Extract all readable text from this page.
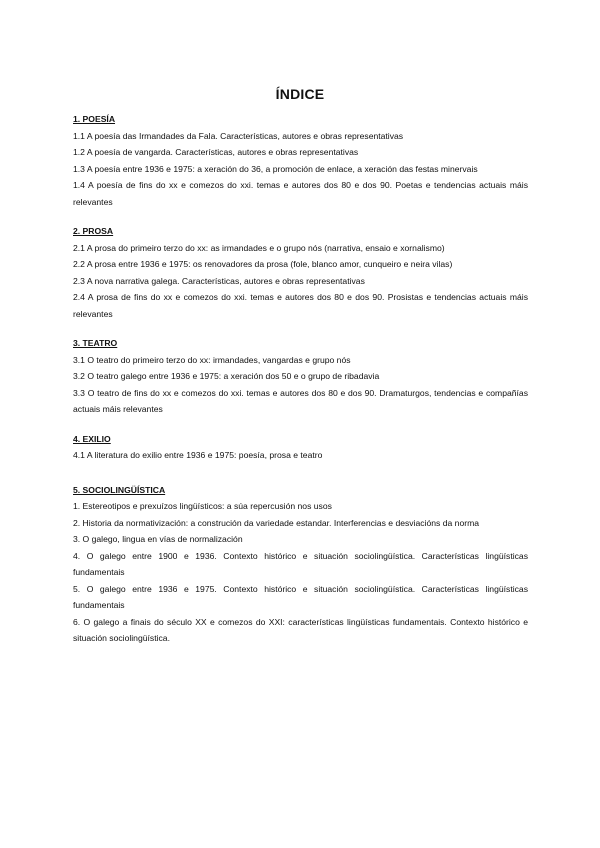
ÍNDICE
1. POESÍA
1.1 A poesía das Irmandades da Fala. Características, autores e obras representativas
1.2 A poesía de vangarda. Características, autores e obras representativas
1.3 A poesía entre 1936 e 1975: a xeración do 36, a promoción de enlace, a xeración das festas minervais
1.4 A poesía de fins do xx e comezos do xxi. temas e autores dos 80 e dos 90. Poetas e tendencias actuais máis relevantes
2. PROSA
2.1 A prosa do primeiro terzo do xx: as irmandades e o grupo nós (narrativa, ensaio e xornalismo)
2.2 A prosa entre 1936 e 1975: os renovadores da prosa (fole, blanco amor, cunqueiro e neira vilas)
2.3 A nova narrativa galega. Características, autores e obras representativas
2.4 A prosa de fins do xx e comezos do xxi. temas e autores dos 80 e dos 90. Prosistas e tendencias actuais máis relevantes
3. TEATRO
3.1 O teatro do primeiro terzo do xx: irmandades, vangardas e grupo nós
3.2 O teatro galego entre 1936 e 1975: a xeración dos 50 e o grupo de ribadavia
3.3 O teatro de fins do xx e comezos do xxi. temas e autores dos 80 e dos 90. Dramaturgos, tendencias e compañías actuais máis relevantes
4. EXILIO
4.1 A literatura do exilio entre 1936 e 1975: poesía, prosa e teatro
5. SOCIOLINGÜÍSTICA
1. Estereotipos e prexuízos lingüísticos: a súa repercusión nos usos
2. Historia da normativización: a construción da variedade estandar. Interferencias e desviacións da norma
3. O galego, lingua en vías de normalización
4. O galego entre 1900 e 1936. Contexto histórico e situación sociolingüística. Características lingüísticas fundamentais
5. O galego entre 1936 e 1975. Contexto histórico e situación sociolingüística. Características lingüísticas fundamentais
6. O galego a finais do século XX e comezos do XXI: características lingüísticas fundamentais. Contexto histórico e situación sociolingüística.
